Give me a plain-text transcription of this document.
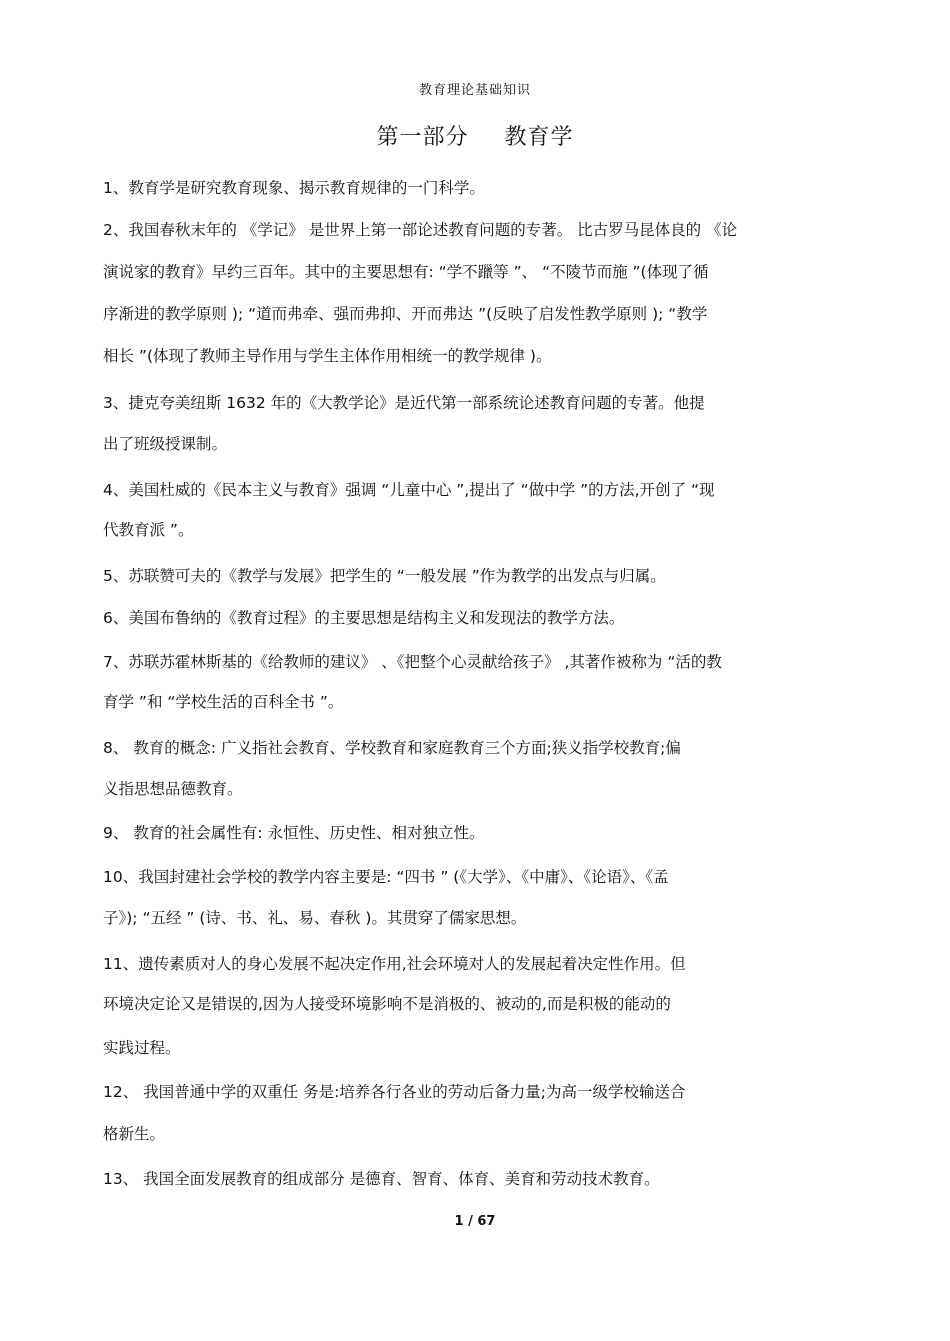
教育理论基础知识
第一部分 教育学
1、教育学是研究教育现象、揭示教育规律的一门科学。
2、我国春秋末年的 《学记》 是世界上第一部论述教育问题的专著。 比古罗马昆体良的 《论
演说家的教育》早约三百年。其中的主要思想有: “学不躐等 ”、 “不陵节而施 ”(体现了循
序渐进的教学原则 ); “道而弗牵、强而弗抑、开而弗达 ”(反映了启发性教学原则 ); “教学
相长 ”(体现了教师主导作用与学生主体作用相统一的教学规律 )。
3、捷克夸美纽斯 1632 年的《大教学论》是近代第一部系统论述教育问题的专著。他提
出了班级授课制。
4、美国杜威的《民本主义与教育》强调 “儿童中心 ”,提出了 “做中学 ”的方法,开创了 “现
代教育派 ”。
5、苏联赞可夫的《教学与发展》把学生的 “一般发展 ”作为教学的出发点与归属。
6、美国布鲁纳的《教育过程》的主要思想是结构主义和发现法的教学方法。
7、苏联苏霍林斯基的《给教师的建议》 、《把整个心灵献给孩子》 ,其著作被称为 “活的教
育学 ”和 “学校生活的百科全书 ”。
8、 教育的概念: 广义指社会教育、学校教育和家庭教育三个方面;狭义指学校教育;偏
义指思想品德教育。
9、 教育的社会属性有: 永恒性、历史性、相对独立性。
10、我国封建社会学校的教学内容主要是: “四书 ” (《大学》、《中庸》、《论语》、《孟
子》); “五经 ” (诗、书、礼、易、春秋 )。其贯穿了儒家思想。
11、遗传素质对人的身心发展不起决定作用,社会环境对人的发展起着决定性作用。但
环境决定论又是错误的,因为人接受环境影响不是消极的、被动的,而是积极的能动的
实践过程。
12、 我国普通中学的双重任 务是:培养各行各业的劳动后备力量;为高一级学校输送合
格新生。
13、 我国全面发展教育的组成部分 是德育、智育、体育、美育和劳动技术教育。
1 / 67
